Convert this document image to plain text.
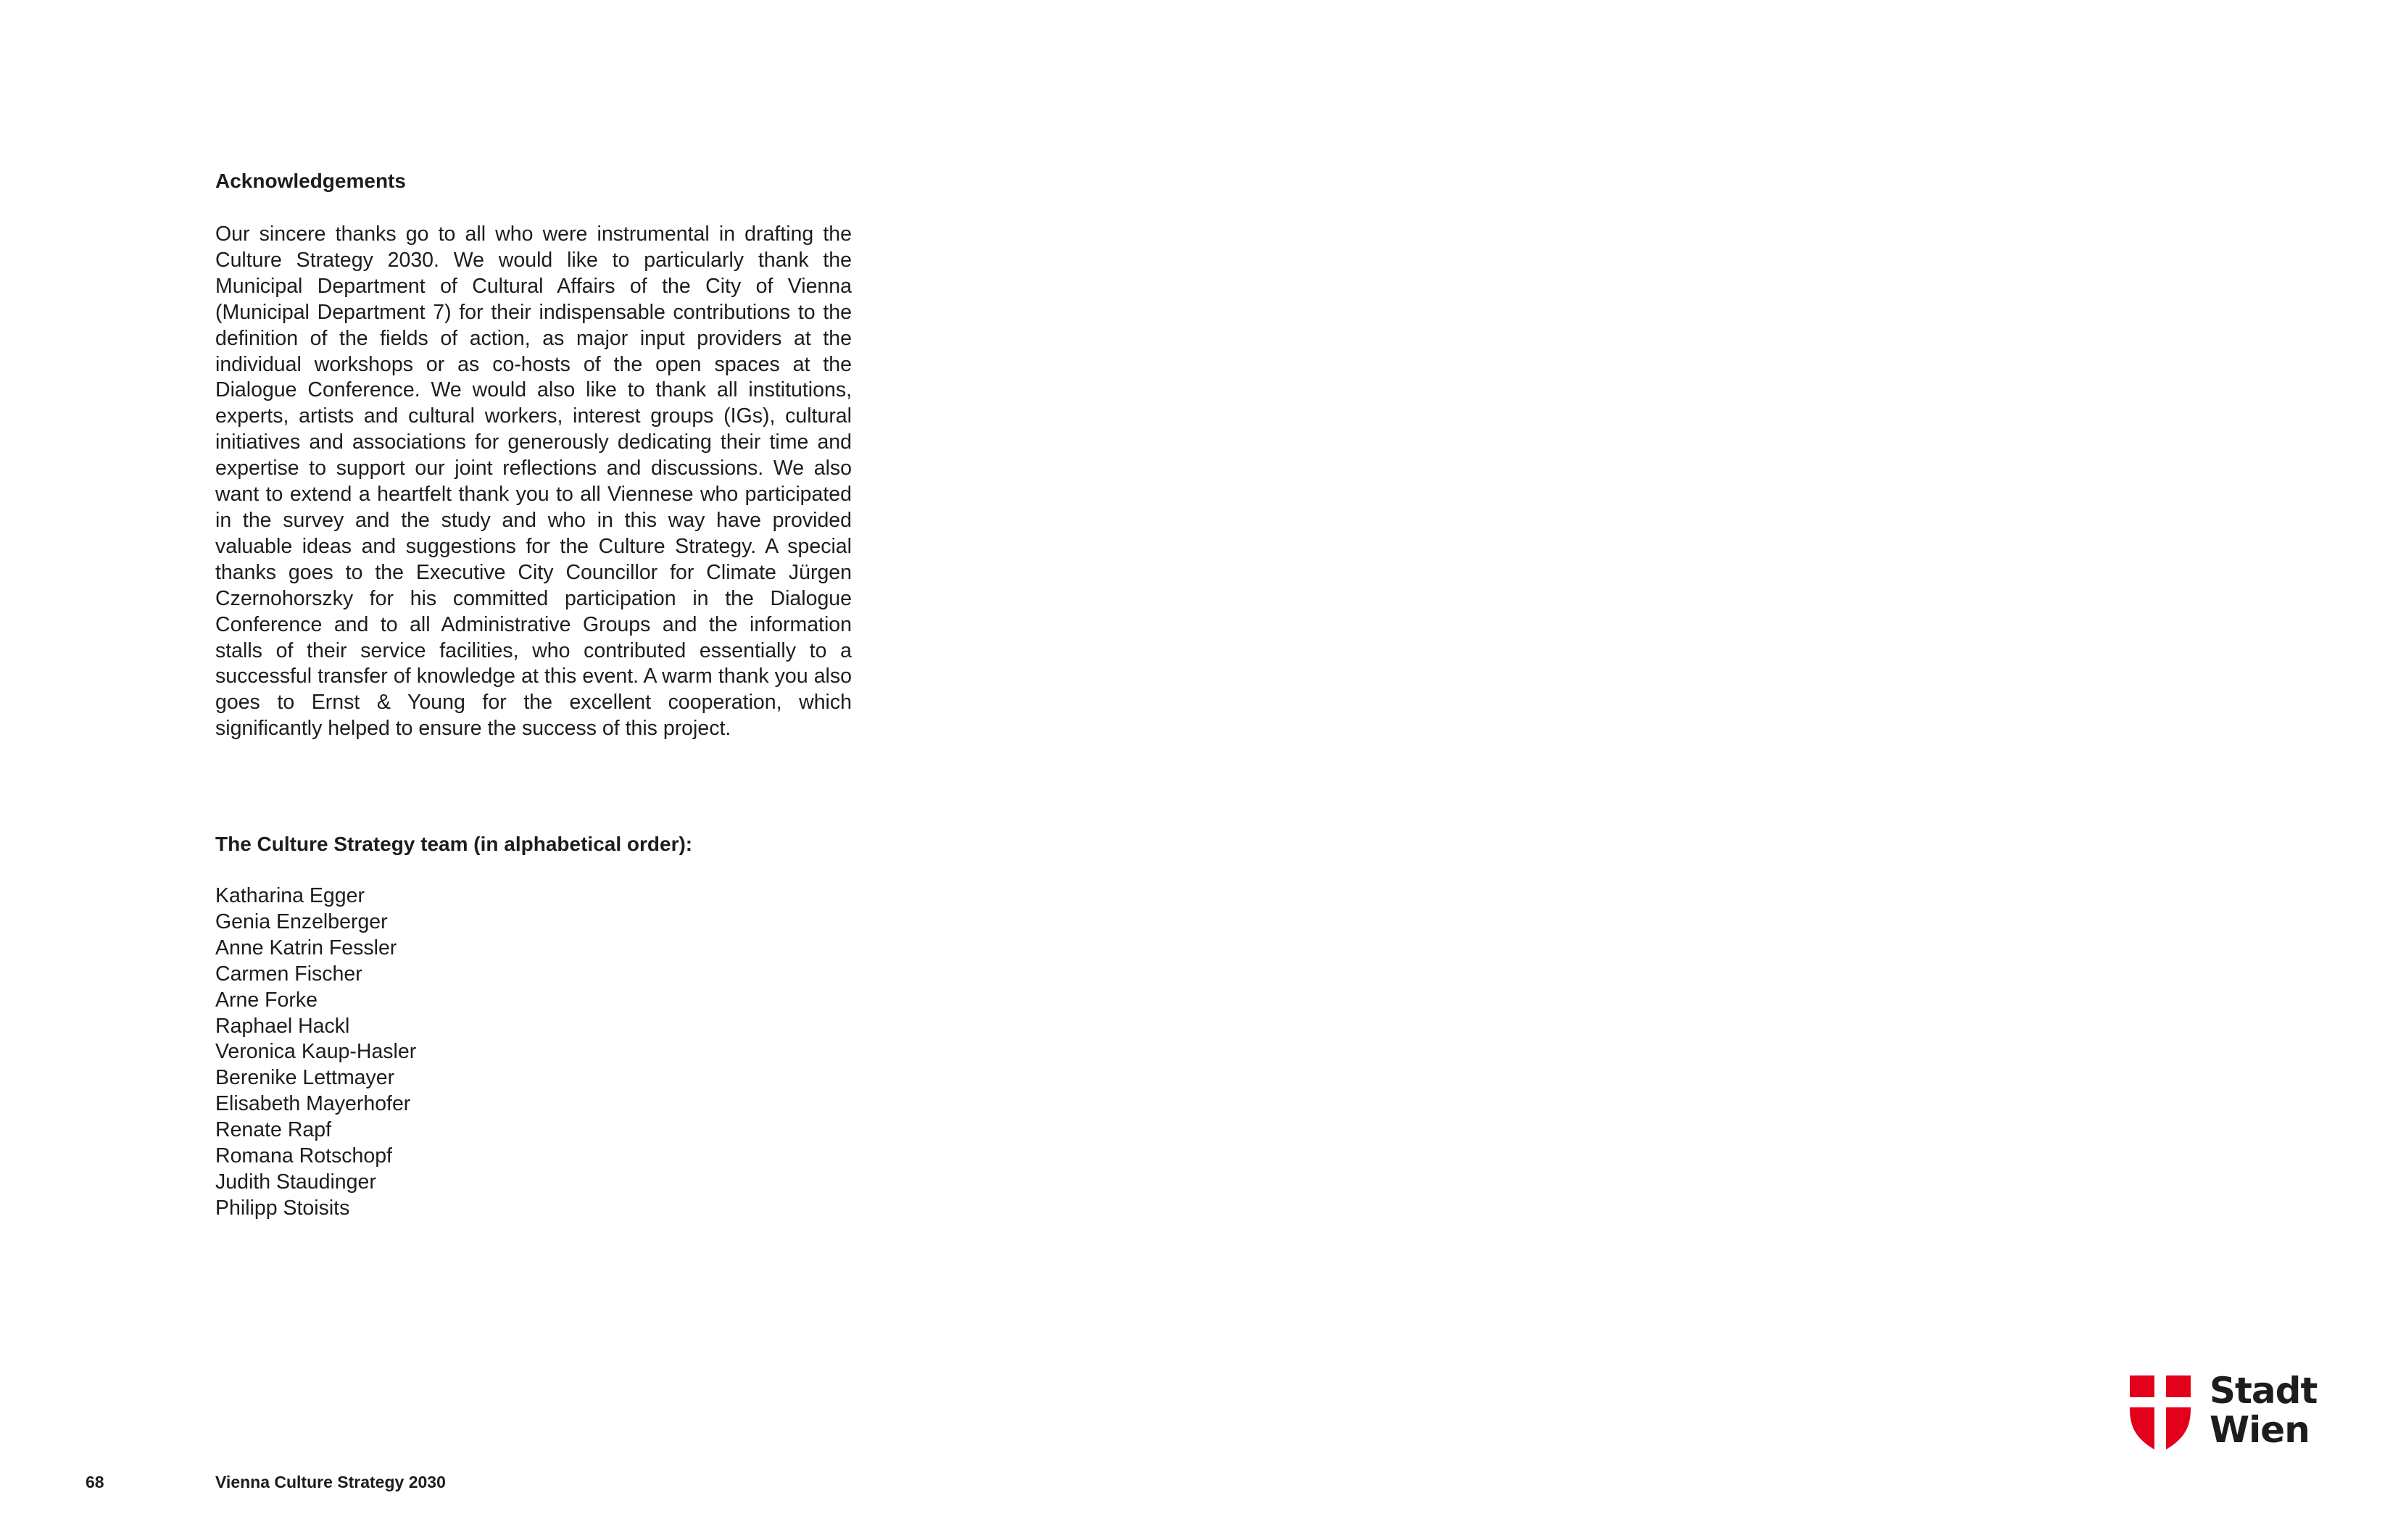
Acknowledgements

Our sincere thanks go to all who were instrumental in drafting the Culture Strategy 2030. We would like to particularly thank the Municipal Department of Cultural Affairs of the City of Vienna (Municipal Department 7) for their indispensable contributions to the definition of the fields of action, as major input providers at the individual workshops or as co-hosts of the open spaces at the Dialogue Conference. We would also like to thank all institutions, experts, artists and cultural workers, interest groups (IGs), cultural initiatives and associations for generously dedicating their time and expertise to support our joint reflections and discussions. We also want to extend a heartfelt thank you to all Viennese who participated in the survey and the study and who in this way have provided valuable ideas and suggestions for the Culture Strategy. A special thanks goes to the Executive City Councillor for Climate Jürgen Czernohorszky for his committed participation in the Dialogue Conference and to all Administrative Groups and the information stalls of their service facilities, who contributed essentially to a successful transfer of knowledge at this event. A warm thank you also goes to Ernst & Young for the excellent cooperation, which significantly helped to ensure the success of this project.

The Culture Strategy team (in alphabetical order):
Katharina Egger
Genia Enzelberger
Anne Katrin Fessler
Carmen Fischer
Arne Forke
Raphael Hackl
Veronica Kaup-Hasler
Berenike Lettmayer
Elisabeth Mayerhofer
Renate Rapf
Romana Rotschopf
Judith Staudinger
Philipp Stoisits
68	Vienna Culture Strategy 2030
Stadt
Wien
